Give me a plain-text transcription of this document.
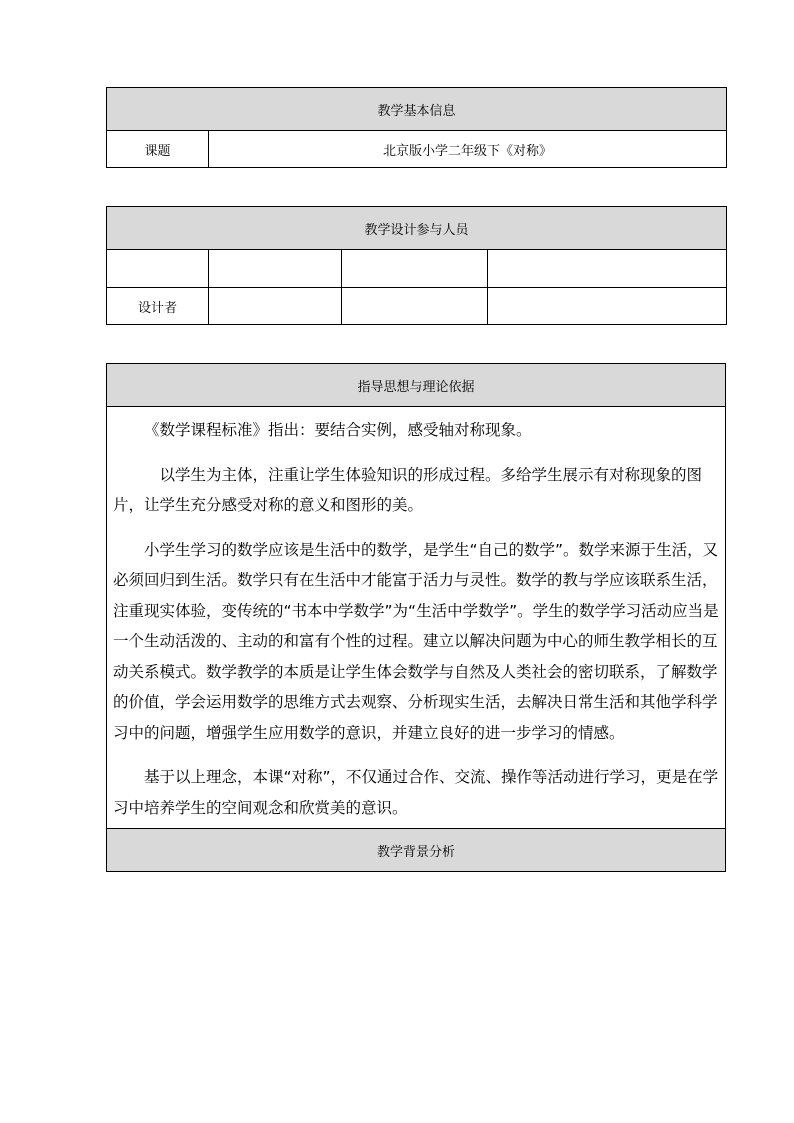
教学基本信息
课题	北京版小学二年级下《对称》
教学设计参与人员			

设计者			
指导思想与理论依据

《数学课程标准》指出：要结合实例，感受轴对称现象。

以学生为主体，注重让学生体验知识的形成过程。多给学生展示有对称现象的图片，让学生充分感受对称的意义和图形的美。

小学生学习的数学应该是生活中的数学，是学生“自己的数学”。数学来源于生活，又必须回归到生活。数学只有在生活中才能富于活力与灵性。数学的教与学应该联系生活，注重现实体验，变传统的“书本中学数学”为“生活中学数学”。学生的数学学习活动应当是一个生动活泼的、主动的和富有个性的过程。建立以解决问题为中心的师生教学相长的互动关系模式。数学教学的本质是让学生体会数学与自然及人类社会的密切联系，了解数学的价值，学会运用数学的思维方式去观察、分析现实生活，去解决日常生活和其他学科学习中的问题，增强学生应用数学的意识，并建立良好的进一步学习的情感。

基于以上理念，本课“对称”，不仅通过合作、交流、操作等活动进行学习，更是在学习中培养学生的空间观念和欣赏美的意识。

教学背景分析
